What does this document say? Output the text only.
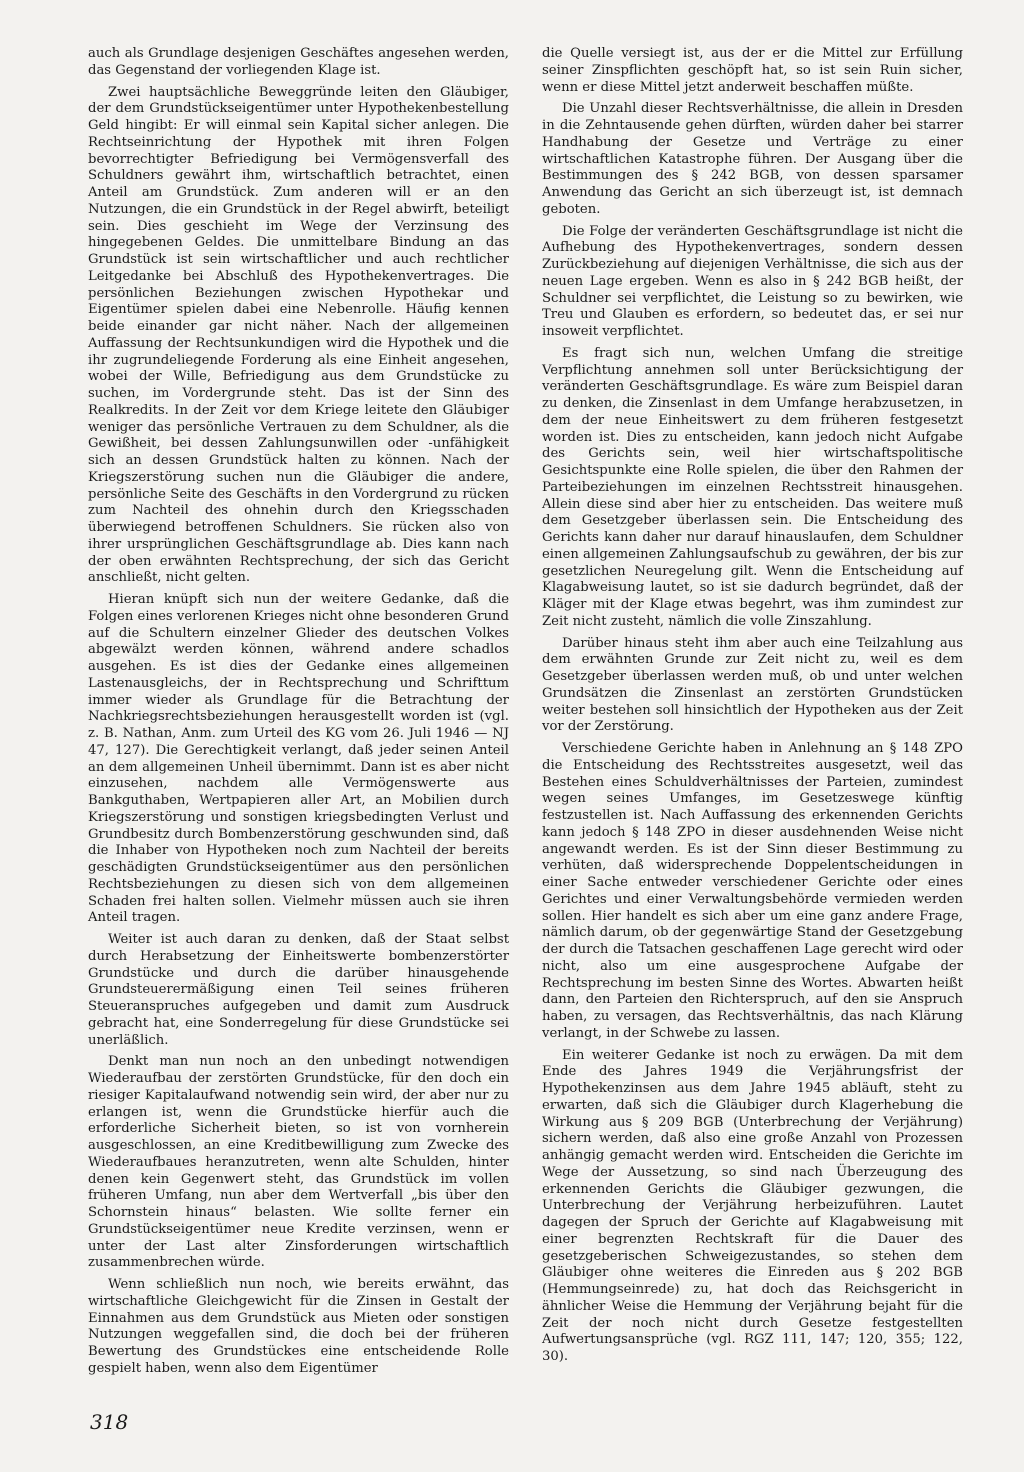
auch als Grundlage desjenigen Geschäftes angesehen werden, das Gegenstand der vorliegenden Klage ist.

Zwei hauptsächliche Beweggründe leiten den Gläubiger, der dem Grundstückseigentümer unter Hypothekenbestellung Geld hingibt: Er will einmal sein Kapital sicher anlegen. Die Rechtseinrichtung der Hypothek mit ihren Folgen bevorrechtigter Befriedigung bei Vermögensverfall des Schuldners gewährt ihm, wirtschaftlich betrachtet, einen Anteil am Grundstück. Zum anderen will er an den Nutzungen, die ein Grundstück in der Regel abwirft, beteiligt sein. Dies geschieht im Wege der Verzinsung des hingegebenen Geldes. Die unmittelbare Bindung an das Grundstück ist sein wirtschaftlicher und auch rechtlicher Leitgedanke bei Abschluß des Hypothekenvertrages. Die persönlichen Beziehungen zwischen Hypothekar und Eigentümer spielen dabei eine Nebenrolle. Häufig kennen beide einander gar nicht näher. Nach der allgemeinen Auffassung der Rechtsunkundigen wird die Hypothek und die ihr zugrundeliegende Forderung als eine Einheit angesehen, wobei der Wille, Befriedigung aus dem Grundstücke zu suchen, im Vordergrunde steht. Das ist der Sinn des Realkredits. In der Zeit vor dem Kriege leitete den Gläubiger weniger das persönliche Vertrauen zu dem Schuldner, als die Gewißheit, bei dessen Zahlungsunwillen oder -unfähigkeit sich an dessen Grundstück halten zu können. Nach der Kriegszerstörung suchen nun die Gläubiger die andere, persönliche Seite des Geschäfts in den Vordergrund zu rücken zum Nachteil des ohnehin durch den Kriegsschaden überwiegend betroffenen Schuldners. Sie rücken also von ihrer ursprünglichen Geschäftsgrundlage ab. Dies kann nach der oben erwähnten Rechtsprechung, der sich das Gericht anschließt, nicht gelten.

Hieran knüpft sich nun der weitere Gedanke, daß die Folgen eines verlorenen Krieges nicht ohne besonderen Grund auf die Schultern einzelner Glieder des deutschen Volkes abgewälzt werden können, während andere schadlos ausgehen. Es ist dies der Gedanke eines allgemeinen Lastenausgleichs, der in Rechtsprechung und Schrifttum immer wieder als Grundlage für die Betrachtung der Nachkriegsrechtsbeziehungen herausgestellt worden ist (vgl. z. B. Nathan, Anm. zum Urteil des KG vom 26. Juli 1946 — NJ 47, 127). Die Gerechtigkeit verlangt, daß jeder seinen Anteil an dem allgemeinen Unheil übernimmt. Dann ist es aber nicht einzusehen, nachdem alle Vermögenswerte aus Bankguthaben, Wertpapieren aller Art, an Mobilien durch Kriegszerstörung und sonstigen kriegsbedingten Verlust und Grundbesitz durch Bombenzerstörung geschwunden sind, daß die Inhaber von Hypotheken noch zum Nachteil der bereits geschädigten Grundstückseigentümer aus den persönlichen Rechtsbeziehungen zu diesen sich von dem allgemeinen Schaden frei halten sollen. Vielmehr müssen auch sie ihren Anteil tragen.

Weiter ist auch daran zu denken, daß der Staat selbst durch Herabsetzung der Einheitswerte bombenzerstörter Grundstücke und durch die darüber hinausgehende Grundsteuerermäßigung einen Teil seines früheren Steueranspruches aufgegeben und damit zum Ausdruck gebracht hat, eine Sonderregelung für diese Grundstücke sei unerläßlich.

Denkt man nun noch an den unbedingt notwendigen Wiederaufbau der zerstörten Grundstücke, für den doch ein riesiger Kapitalaufwand notwendig sein wird, der aber nur zu erlangen ist, wenn die Grundstücke hierfür auch die erforderliche Sicherheit bieten, so ist von vornherein ausgeschlossen, an eine Kreditbewilligung zum Zwecke des Wiederaufbaues heranzutreten, wenn alte Schulden, hinter denen kein Gegenwert steht, das Grundstück im vollen früheren Umfang, nun aber dem Wertverfall „bis über den Schornstein hinaus“ belasten. Wie sollte ferner ein Grundstückseigentümer neue Kredite verzinsen, wenn er unter der Last alter Zinsforderungen wirtschaftlich zusammenbrechen würde.

Wenn schließlich nun noch, wie bereits erwähnt, das wirtschaftliche Gleichgewicht für die Zinsen in Gestalt der Einnahmen aus dem Grundstück aus Mieten oder sonstigen Nutzungen weggefallen sind, die doch bei der früheren Bewertung des Grundstückes eine entscheidende Rolle gespielt haben, wenn also dem Eigentümer

die Quelle versiegt ist, aus der er die Mittel zur Erfüllung seiner Zinspflichten geschöpft hat, so ist sein Ruin sicher, wenn er diese Mittel jetzt anderweit beschaffen müßte.

Die Unzahl dieser Rechtsverhältnisse, die allein in Dresden in die Zehntausende gehen dürften, würden daher bei starrer Handhabung der Gesetze und Verträge zu einer wirtschaftlichen Katastrophe führen. Der Ausgang über die Bestimmungen des § 242 BGB, von dessen sparsamer Anwendung das Gericht an sich überzeugt ist, ist demnach geboten.

Die Folge der veränderten Geschäftsgrundlage ist nicht die Aufhebung des Hypothekenvertrages, sondern dessen Zurückbeziehung auf diejenigen Verhältnisse, die sich aus der neuen Lage ergeben. Wenn es also in § 242 BGB heißt, der Schuldner sei verpflichtet, die Leistung so zu bewirken, wie Treu und Glauben es erfordern, so bedeutet das, er sei nur insoweit verpflichtet.

Es fragt sich nun, welchen Umfang die streitige Verpflichtung annehmen soll unter Berücksichtigung der veränderten Geschäftsgrundlage. Es wäre zum Beispiel daran zu denken, die Zinsenlast in dem Umfange herabzusetzen, in dem der neue Einheitswert zu dem früheren festgesetzt worden ist. Dies zu entscheiden, kann jedoch nicht Aufgabe des Gerichts sein, weil hier wirtschaftspolitische Gesichtspunkte eine Rolle spielen, die über den Rahmen der Parteibeziehungen im einzelnen Rechtsstreit hinausgehen. Allein diese sind aber hier zu entscheiden. Das weitere muß dem Gesetzgeber überlassen sein. Die Entscheidung des Gerichts kann daher nur darauf hinauslaufen, dem Schuldner einen allgemeinen Zahlungsaufschub zu gewähren, der bis zur gesetzlichen Neuregelung gilt. Wenn die Entscheidung auf Klagabweisung lautet, so ist sie dadurch begründet, daß der Kläger mit der Klage etwas begehrt, was ihm zumindest zur Zeit nicht zusteht, nämlich die volle Zinszahlung.

Darüber hinaus steht ihm aber auch eine Teilzahlung aus dem erwähnten Grunde zur Zeit nicht zu, weil es dem Gesetzgeber überlassen werden muß, ob und unter welchen Grundsätzen die Zinsenlast an zerstörten Grundstücken weiter bestehen soll hinsichtlich der Hypotheken aus der Zeit vor der Zerstörung.

Verschiedene Gerichte haben in Anlehnung an § 148 ZPO die Entscheidung des Rechtsstreites ausgesetzt, weil das Bestehen eines Schuldverhältnisses der Parteien, zumindest wegen seines Umfanges, im Gesetzeswege künftig festzustellen ist. Nach Auffassung des erkennenden Gerichts kann jedoch § 148 ZPO in dieser ausdehnenden Weise nicht angewandt werden. Es ist der Sinn dieser Bestimmung zu verhüten, daß widersprechende Doppelentscheidungen in einer Sache entweder verschiedener Gerichte oder eines Gerichtes und einer Verwaltungsbehörde vermieden werden sollen. Hier handelt es sich aber um eine ganz andere Frage, nämlich darum, ob der gegenwärtige Stand der Gesetzgebung der durch die Tatsachen geschaffenen Lage gerecht wird oder nicht, also um eine ausgesprochene Aufgabe der Rechtsprechung im besten Sinne des Wortes. Abwarten heißt dann, den Parteien den Richterspruch, auf den sie Anspruch haben, zu versagen, das Rechtsverhältnis, das nach Klärung verlangt, in der Schwebe zu lassen.

Ein weiterer Gedanke ist noch zu erwägen. Da mit dem Ende des Jahres 1949 die Verjährungsfrist der Hypothekenzinsen aus dem Jahre 1945 abläuft, steht zu erwarten, daß sich die Gläubiger durch Klagerhebung die Wirkung aus § 209 BGB (Unterbrechung der Verjährung) sichern werden, daß also eine große Anzahl von Prozessen anhängig gemacht werden wird. Entscheiden die Gerichte im Wege der Aussetzung, so sind nach Überzeugung des erkennenden Gerichts die Gläubiger gezwungen, die Unterbrechung der Verjährung herbeizuführen. Lautet dagegen der Spruch der Gerichte auf Klagabweisung mit einer begrenzten Rechtskraft für die Dauer des gesetzgeberischen Schweigezustandes, so stehen dem Gläubiger ohne weiteres die Einreden aus § 202 BGB (Hemmungseinrede) zu, hat doch das Reichsgericht in ähnlicher Weise die Hemmung der Verjährung bejaht für die Zeit der noch nicht durch Gesetze festgestellten Aufwertungsansprüche (vgl. RGZ 111, 147; 120, 355; 122, 30).

318
